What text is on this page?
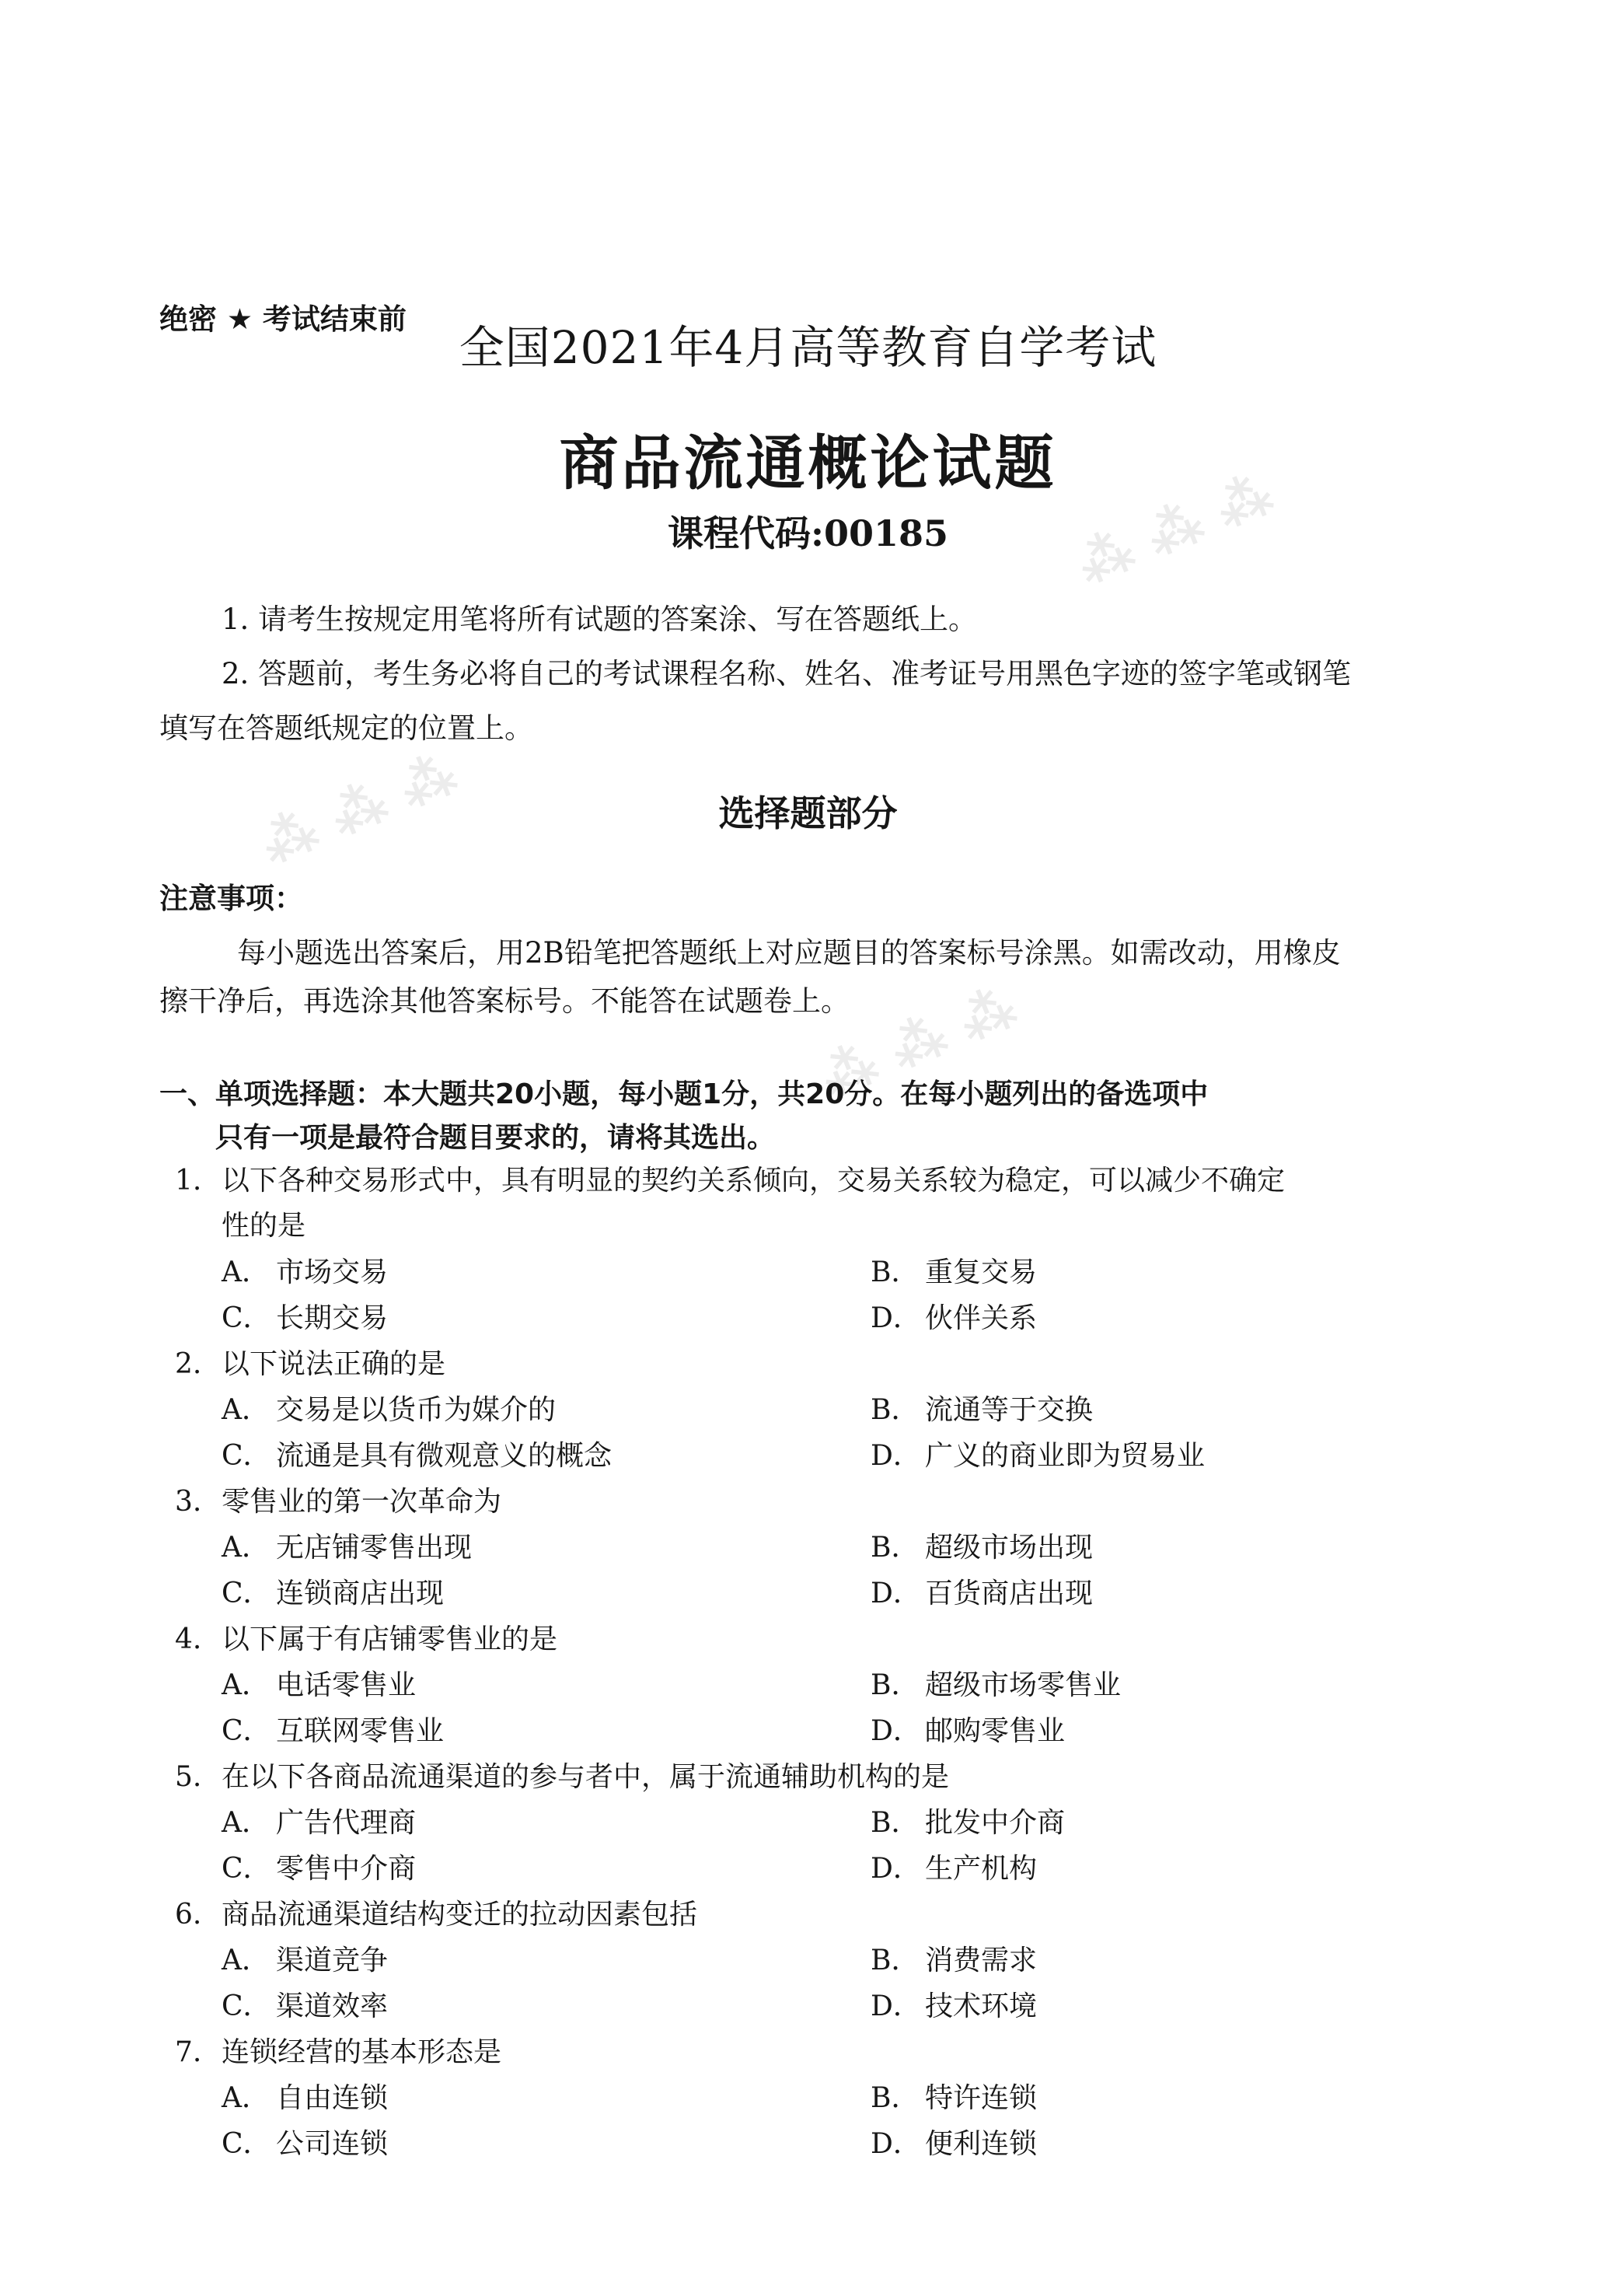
⁂ ⁂ ⁂
⁂ ⁂ ⁂
⁂ ⁂ ⁂
绝密 ★ 考试结束前
全国2021年4月高等教育自学考试
商品流通概论试题
课程代码:00185
1. 请考生按规定用笔将所有试题的答案涂、写在答题纸上。
2. 答题前，考生务必将自己的考试课程名称、姓名、准考证号用黑色字迹的签字笔或钢笔
填写在答题纸规定的位置上。
选择题部分
注意事项：
每小题选出答案后，用2B铅笔把答题纸上对应题目的答案标号涂黑。如需改动，用橡皮
擦干净后，再选涂其他答案标号。不能答在试题卷上。
一、单项选择题：本大题共20小题，每小题1分，共20分。在每小题列出的备选项中
只有一项是最符合题目要求的，请将其选出。
1. 以下各种交易形式中，具有明显的契约关系倾向，交易关系较为稳定，可以减少不确定
性的是
A． 市场交易	B． 重复交易
C． 长期交易	D． 伙伴关系
2. 以下说法正确的是
A． 交易是以货币为媒介的	B． 流通等于交换
C． 流通是具有微观意义的概念	D． 广义的商业即为贸易业
3. 零售业的第一次革命为
A． 无店铺零售出现	B． 超级市场出现
C． 连锁商店出现	D． 百货商店出现
4. 以下属于有店铺零售业的是
A． 电话零售业	B． 超级市场零售业
C． 互联网零售业	D． 邮购零售业
5. 在以下各商品流通渠道的参与者中，属于流通辅助机构的是
A． 广告代理商	B． 批发中介商
C． 零售中介商	D． 生产机构
6. 商品流通渠道结构变迁的拉动因素包括
A． 渠道竞争	B． 消费需求
C． 渠道效率	D． 技术环境
7. 连锁经营的基本形态是
A． 自由连锁	B． 特许连锁
C． 公司连锁	D． 便利连锁
